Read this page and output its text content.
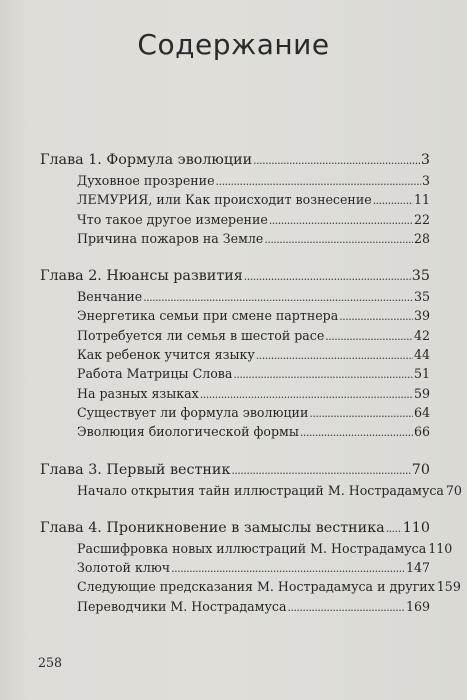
Содержание
Глава 1. Формула эволюции . . .	3
Духовное прозрение . . .	3
ЛЕМУРИЯ, или Как происходит вознесение . . .	11
Что такое другое измерение . . .	22
Причина пожаров на Земле . . .	28
Глава 2. Нюансы развития . . .	35
Венчание . . .	35
Энергетика семьи при смене партнера . . .	39
Потребуется ли семья в шестой расе . . .	42
Как ребенок учится языку . . .	44
Работа Матрицы Слова . . .	51
На разных языках . . .	59
Существует ли формула эволюции . . .	64
Эволюция биологической формы . . .	66
Глава 3. Первый вестник . . .	70
Начало открытия тайн иллюстраций М. Нострадамуса 70
Глава 4. Проникновение в замыслы вестника . . . 110
Расшифровка новых иллюстраций М. Нострадамуса 110
Золотой ключ . . .	147
Следующие предсказания М. Нострадамуса и других 159
Переводчики М. Нострадамуса . . .	169
258
